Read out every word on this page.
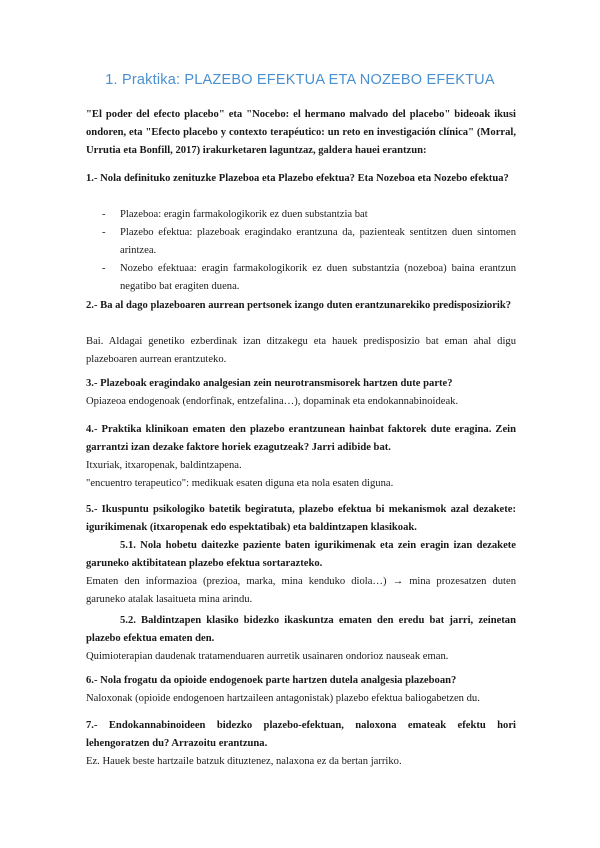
1. Praktika: PLAZEBO EFEKTUA ETA NOZEBO EFEKTUA
"El poder del efecto placebo" eta "Nocebo: el hermano malvado del placebo" bideoak ikusi ondoren, eta "Efecto placebo y contexto terapéutico: un reto en investigación clínica" (Morral, Urrutia eta Bonfill, 2017) irakurketaren laguntzaz, galdera hauei erantzun:
1.- Nola definituko zenituzke Plazeboa eta Plazebo efektua? Eta Nozeboa eta Nozebo efektua?
- Plazeboa: eragin farmakologikorik ez duen substantzia bat
- Plazebo efektua: plazeboak eragindako erantzuna da, pazienteak sentitzen duen sintomen arintzea.
- Nozebo efektuaa: eragin farmakologikorik ez duen substantzia (nozeboa) baina erantzun negatibo bat eragiten duena.
2.- Ba al dago plazeboaren aurrean pertsonek izango duten erantzunarekiko predisposiziorik?
Bai. Aldagai genetiko ezberdinak izan ditzakegu eta hauek predisposizio bat eman ahal digu plazeboaren aurrean erantzuteko.
3.- Plazeboak eragindako analgesian zein neurotransmisorek hartzen dute parte?
Opiazeoa endogenoak (endorfinak, entzefalina…), dopaminak eta endokannabinoideak.
4.- Praktika klinikoan ematen den plazebo erantzunean hainbat faktorek dute eragina. Zein garrantzi izan dezake faktore horiek ezagutzeak? Jarri adibide bat.
Itxuriak, itxaropenak, baldintzapena.
"encuentro terapeutico": medikuak esaten diguna eta nola esaten diguna.
5.- Ikuspuntu psikologiko batetik begiratuta, plazebo efektua bi mekanismok azal dezakete: igurikimenak (itxaropenak edo espektatibak) eta baldintzapen klasikoak.
5.1. Nola hobetu daitezke paziente baten igurikimenak eta zein eragin izan dezakete garuneko aktibitatean plazebo efektua sortarazteko.
Ematen den informazioa (prezioa, marka, mina kenduko diola…) → mina prozesatzen duten garuneko atalak lasaitueta mina arindu.
5.2. Baldintzapen klasiko bidezko ikaskuntza ematen den eredu bat jarri, zeinetan plazebo efektua ematen den.
Quimioterapian daudenak tratamenduaren aurretik usainaren ondorioz nauseak eman.
6.- Nola frogatu da opioide endogenoek parte hartzen dutela analgesia plazeboan?
Naloxonak (opioide endogenoen hartzaileen antagonistak) plazebo efektua baliogabetzen du.
7.- Endokannabinoideen bidezko plazebo-efektuan, naloxona emateak efektu hori lehengoratzen du? Arrazoitu erantzuna.
Ez. Hauek beste hartzaile batzuk dituztenez, nalaxona ez da bertan jarriko.
